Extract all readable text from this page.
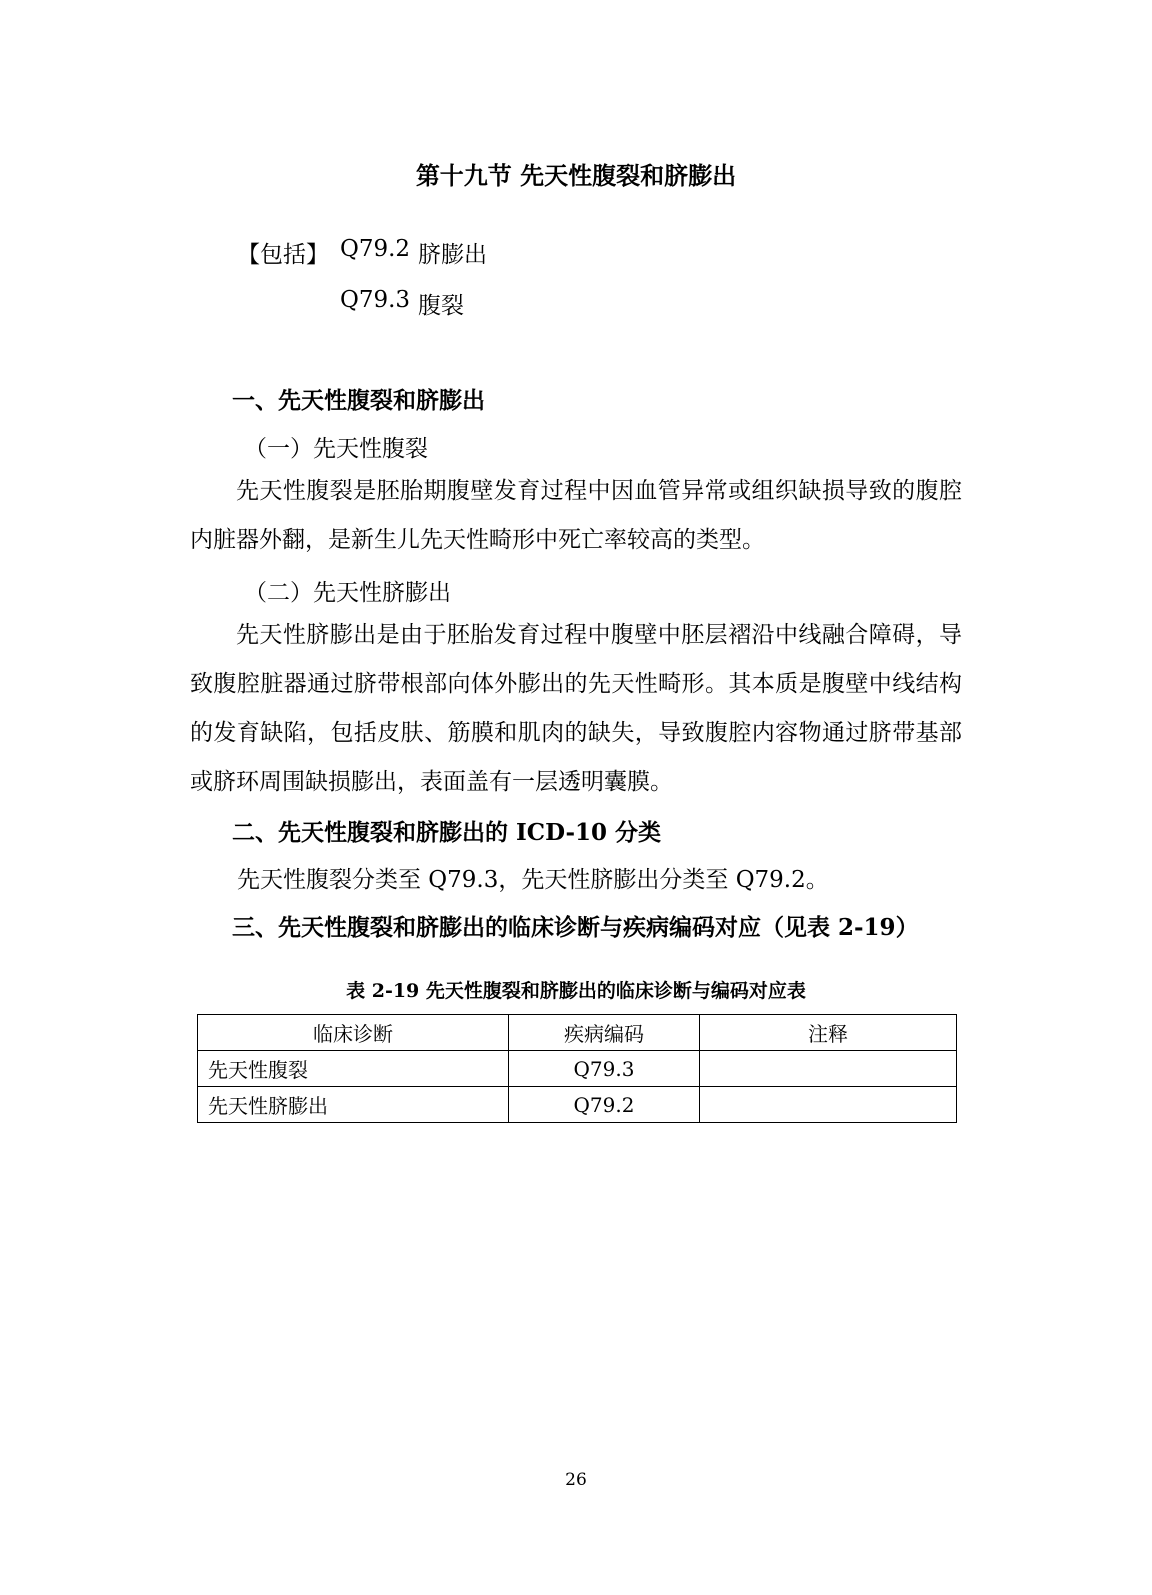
第十九节 先天性腹裂和脐膨出
【包括】 Q79.2 脐膨出
Q79.3 腹裂
一、先天性腹裂和脐膨出
（一）先天性腹裂
先天性腹裂是胚胎期腹壁发育过程中因血管异常或组织缺损导致的腹腔内脏器外翻，是新生儿先天性畸形中死亡率较高的类型。
（二）先天性脐膨出
先天性脐膨出是由于胚胎发育过程中腹壁中胚层褶沿中线融合障碍，导致腹腔脏器通过脐带根部向体外膨出的先天性畸形。其本质是腹壁中线结构的发育缺陷，包括皮肤、筋膜和肌肉的缺失，导致腹腔内容物通过脐带基部或脐环周围缺损膨出，表面盖有一层透明囊膜。
二、先天性腹裂和脐膨出的 ICD-10 分类
先天性腹裂分类至 Q79.3，先天性脐膨出分类至 Q79.2。
三、先天性腹裂和脐膨出的临床诊断与疾病编码对应（见表 2-19）
表 2-19 先天性腹裂和脐膨出的临床诊断与编码对应表
临床诊断	疾病编码	注释
先天性腹裂	Q79.3	
先天性脐膨出	Q79.2	
26
